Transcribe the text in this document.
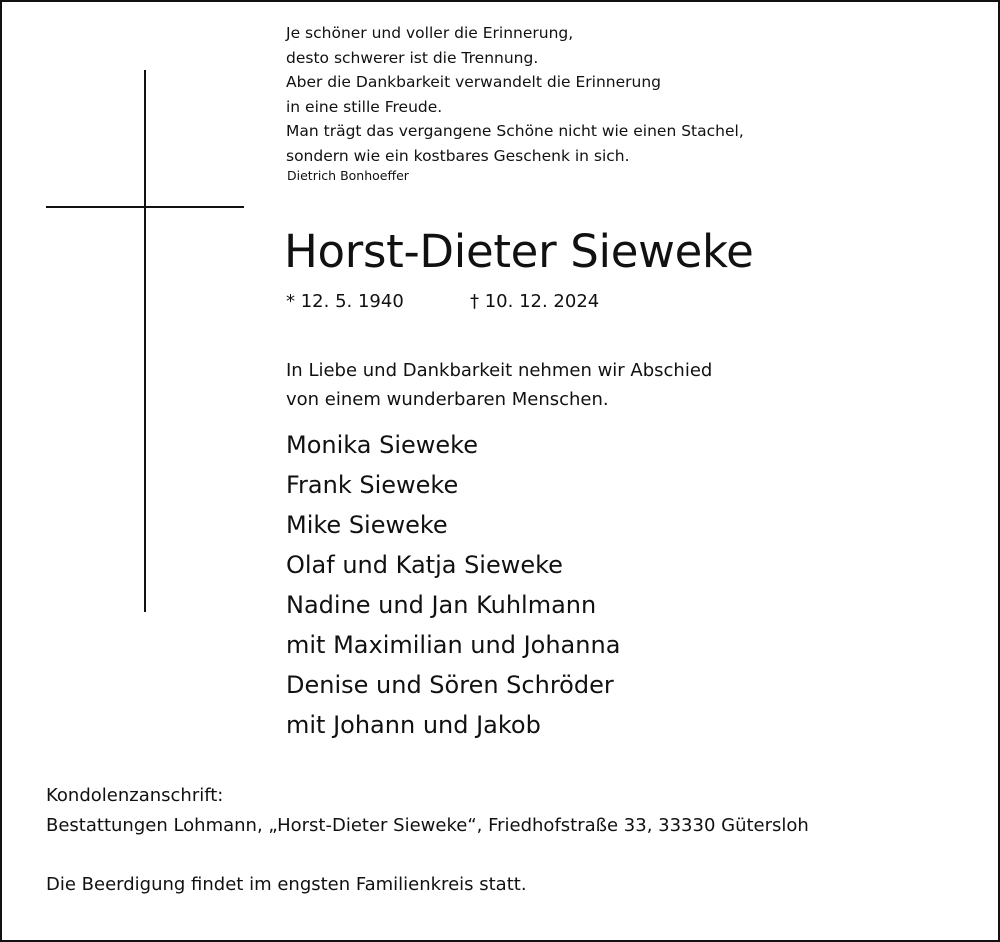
Je schöner und voller die Erinnerung,
desto schwerer ist die Trennung.
Aber die Dankbarkeit verwandelt die Erinnerung
in eine stille Freude.
Man trägt das vergangene Schöne nicht wie einen Stachel,
sondern wie ein kostbares Geschenk in sich.
Dietrich Bonhoeffer
Horst-Dieter Sieweke
* 12. 5. 1940	† 10. 12. 2024
In Liebe und Dankbarkeit nehmen wir Abschied
von einem wunderbaren Menschen.
Monika Sieweke
Frank Sieweke
Mike Sieweke
Olaf und Katja Sieweke
Nadine und Jan Kuhlmann
mit Maximilian und Johanna
Denise und Sören Schröder
mit Johann und Jakob
Kondolenzanschrift:
Bestattungen Lohmann, „Horst-Dieter Sieweke“, Friedhofstraße 33, 33330 Gütersloh
Die Beerdigung findet im engsten Familienkreis statt.
